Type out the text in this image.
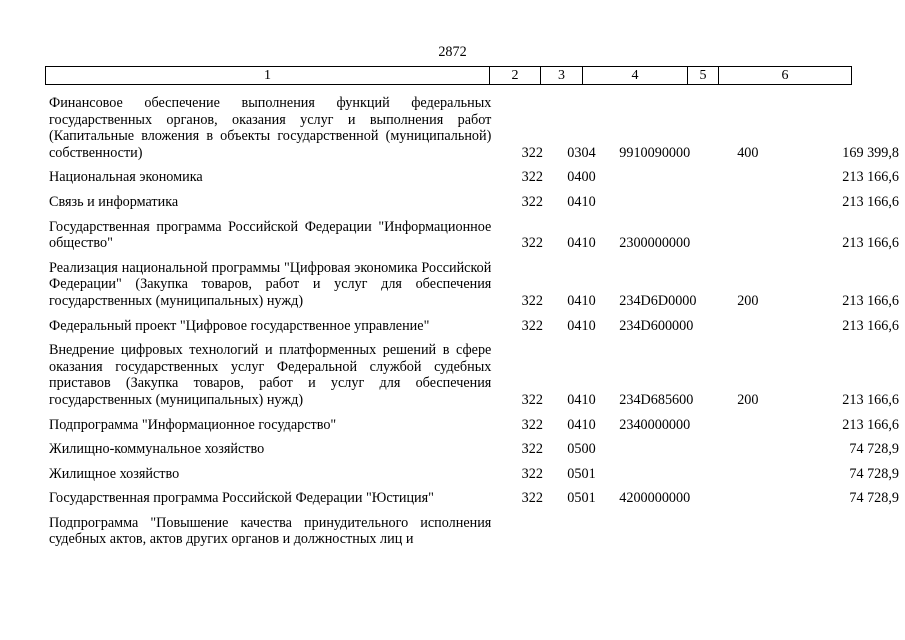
2872
1	2	3	4	5	6
Финансовое обеспечение выполнения функций федеральных государственных органов, оказания услуг и выполнения работ (Капитальные вложения в объекты государственной (муниципальной) собственности)	322	0304	9910090000	400	169 399,8
Национальная экономика	322	0400			213 166,6
Связь и информатика	322	0410			213 166,6
Государственная программа Российской Федерации "Информационное общество"	322	0410	2300000000		213 166,6
Реализация национальной программы "Цифровая экономика Российской Федерации" (Закупка товаров, работ и услуг для обеспечения государственных (муниципальных) нужд)	322	0410	234D6D0000	200	213 166,6
Федеральный проект "Цифровое государственное управление"	322	0410	234D600000		213 166,6
Внедрение цифровых технологий и платформенных решений в сфере оказания государственных услуг Федеральной службой судебных приставов (Закупка товаров, работ и услуг для обеспечения государственных (муниципальных) нужд)	322	0410	234D685600	200	213 166,6
Подпрограмма "Информационное государство"	322	0410	2340000000		213 166,6
Жилищно-коммунальное хозяйство	322	0500			74 728,9
Жилищное хозяйство	322	0501			74 728,9
Государственная программа Российской Федерации "Юстиция"	322	0501	4200000000		74 728,9
Подпрограмма "Повышение качества принудительного исполнения судебных актов, актов других органов и должностных лиц и					
